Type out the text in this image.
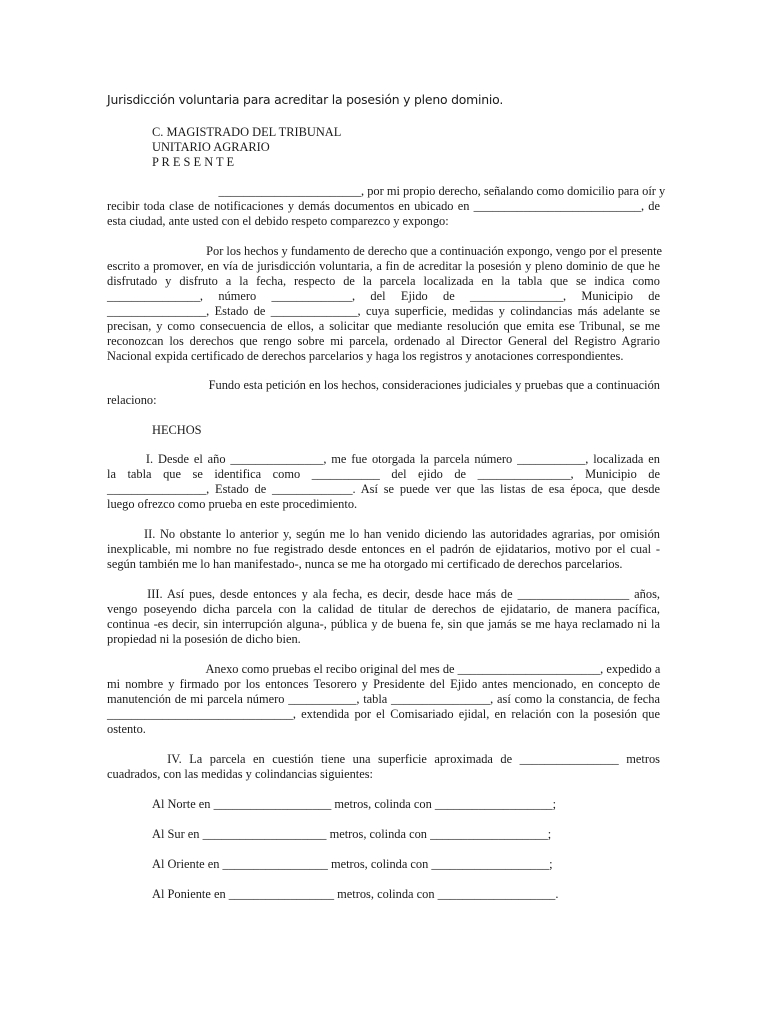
Jurisdicción voluntaria para acreditar la posesión y pleno dominio.
C. MAGISTRADO DEL TRIBUNAL
UNITARIO AGRARIO
P R E S E N T E
_______________________, por mi propio derecho, señalando como domicilio para oír y
recibir toda clase de notificaciones y demás documentos en ubicado en ___________________________, de
esta ciudad, ante usted con el debido respeto comparezco y expongo:
Por los hechos y fundamento de derecho que a continuación expongo, vengo por el presente
escrito a promover, en vía de jurisdicción voluntaria, a fin de acreditar la posesión y pleno dominio de que he
disfrutado y disfruto a la fecha, respecto de la parcela localizada en la tabla que se indica como
_______________, número _____________, del Ejido de _______________, Municipio de
________________, Estado de ______________, cuya superficie, medidas y colindancias más adelante se
precisan, y como consecuencia de ellos, a solicitar que mediante resolución que emita ese Tribunal, se me
reconozcan los derechos que rengo sobre mi parcela, ordenado al Director General del Registro Agrario
Nacional expida certificado de derechos parcelarios y haga los registros y anotaciones correspondientes.
Fundo esta petición en los hechos, consideraciones judiciales y pruebas que a continuación
relaciono:
HECHOS
I. Desde el año _______________, me fue otorgada la parcela número ___________, localizada en
la tabla que se identifica como ___________ del ejido de _______________, Municipio de
________________, Estado de _____________. Así se puede ver que las listas de esa época, que desde
luego ofrezco como prueba en este procedimiento.
II. No obstante lo anterior y, según me lo han venido diciendo las autoridades agrarias, por omisión
inexplicable, mi nombre no fue registrado desde entonces en el padrón de ejidatarios, motivo por el cual -
según también me lo han manifestado-, nunca se me ha otorgado mi certificado de derechos parcelarios.
III. Así pues, desde entonces y ala fecha, es decir, desde hace más de __________________ años,
vengo poseyendo dicha parcela con la calidad de titular de derechos de ejidatario, de manera pacífica,
continua -es decir, sin interrupción alguna-, pública y de buena fe, sin que jamás se me haya reclamado ni la
propiedad ni la posesión de dicho bien.
Anexo como pruebas el recibo original del mes de _______________________, expedido a
mi nombre y firmado por los entonces Tesorero y Presidente del Ejido antes mencionado, en concepto de
manutención de mi parcela número ___________, tabla ________________, así como la constancia, de fecha
______________________________, extendida por el Comisariado ejidal, en relación con la posesión que
ostento.
IV. La parcela en cuestión tiene una superficie aproximada de ________________ metros
cuadrados, con las medidas y colindancias siguientes:
Al Norte en ___________________ metros, colinda con ___________________;
Al Sur en ____________________ metros, colinda con ___________________;
Al Oriente en _________________ metros, colinda con ___________________;
Al Poniente en _________________ metros, colinda con ___________________.
